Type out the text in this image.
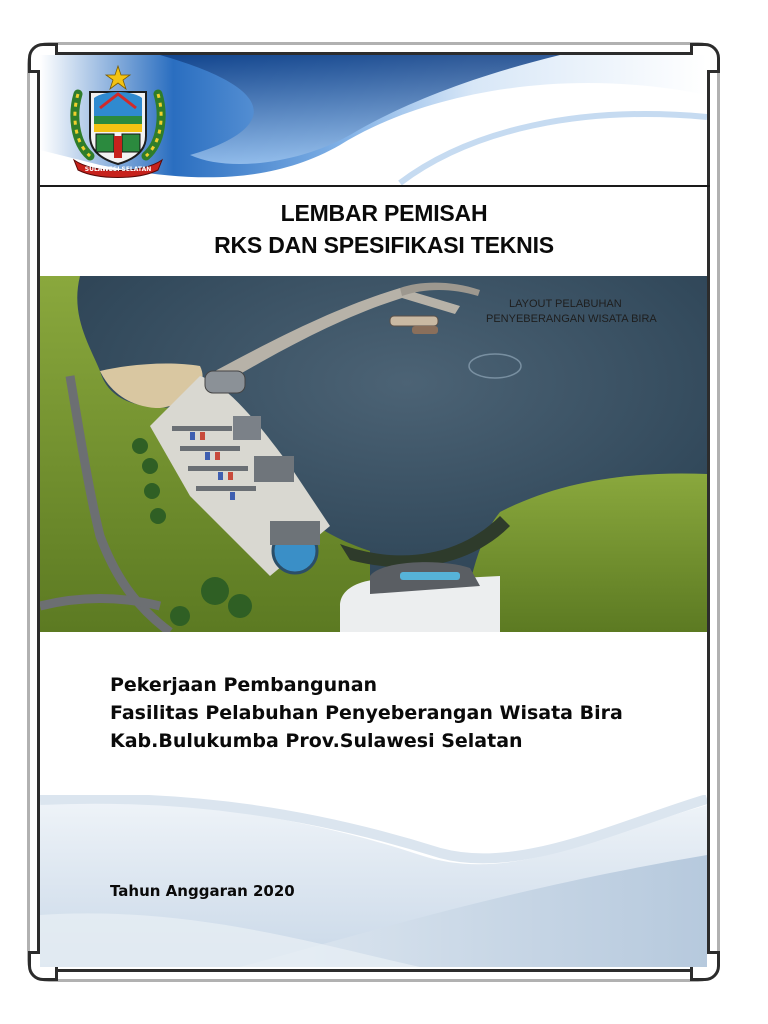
SULAWESI SELATAN
LEMBAR PEMISAH
RKS DAN SPESIFIKASI TEKNIS
LAYOUT PELABUHAN
PENYEBERANGAN WISATA BIRA
Pekerjaan Pembangunan
Fasilitas Pelabuhan Penyeberangan Wisata Bira
Kab.Bulukumba Prov.Sulawesi Selatan
Tahun Anggaran 2020
